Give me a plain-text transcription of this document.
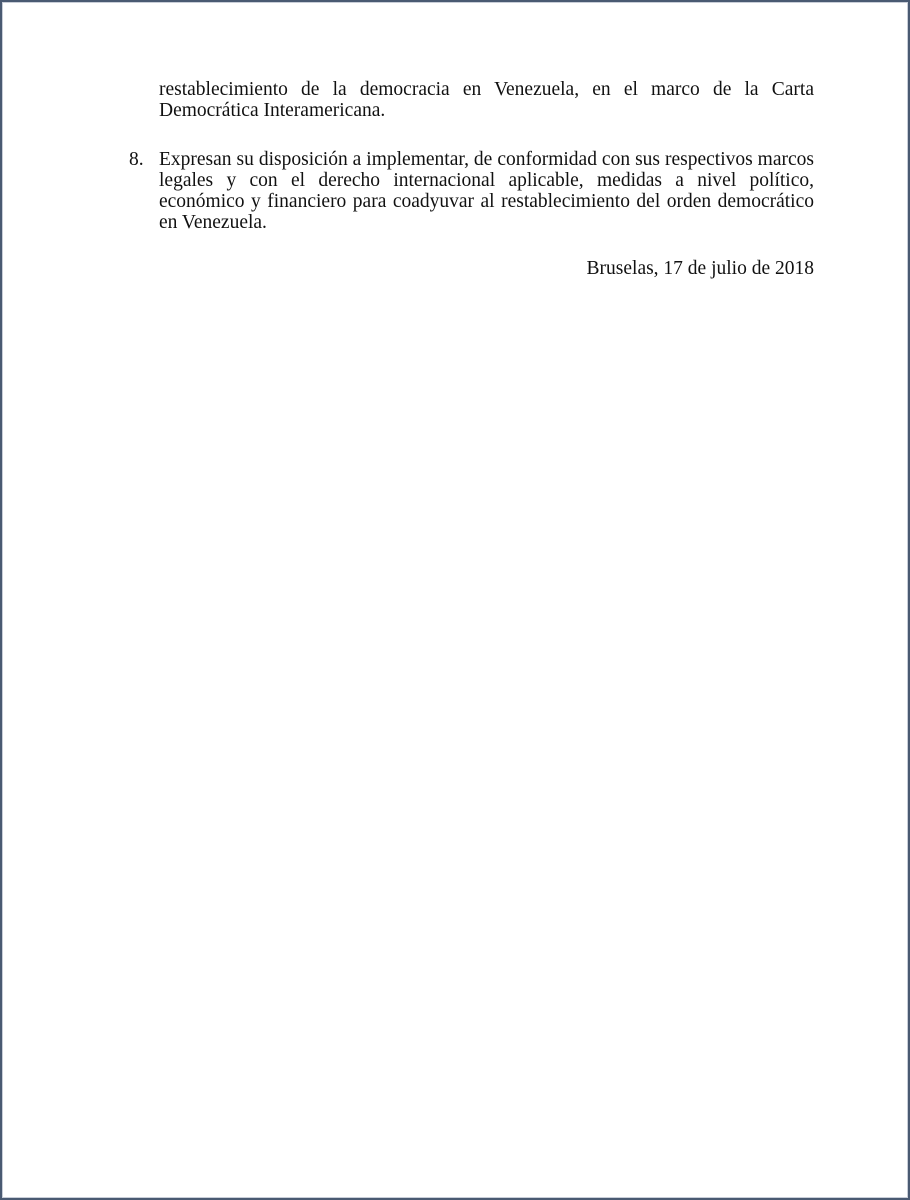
restablecimiento de la democracia en Venezuela, en el marco de la Carta Democrática Interamericana.
8. Expresan su disposición a implementar, de conformidad con sus respectivos marcos legales y con el derecho internacional aplicable, medidas a nivel político, económico y financiero para coadyuvar al restablecimiento del orden democrático en Venezuela.
Bruselas, 17 de julio de 2018
